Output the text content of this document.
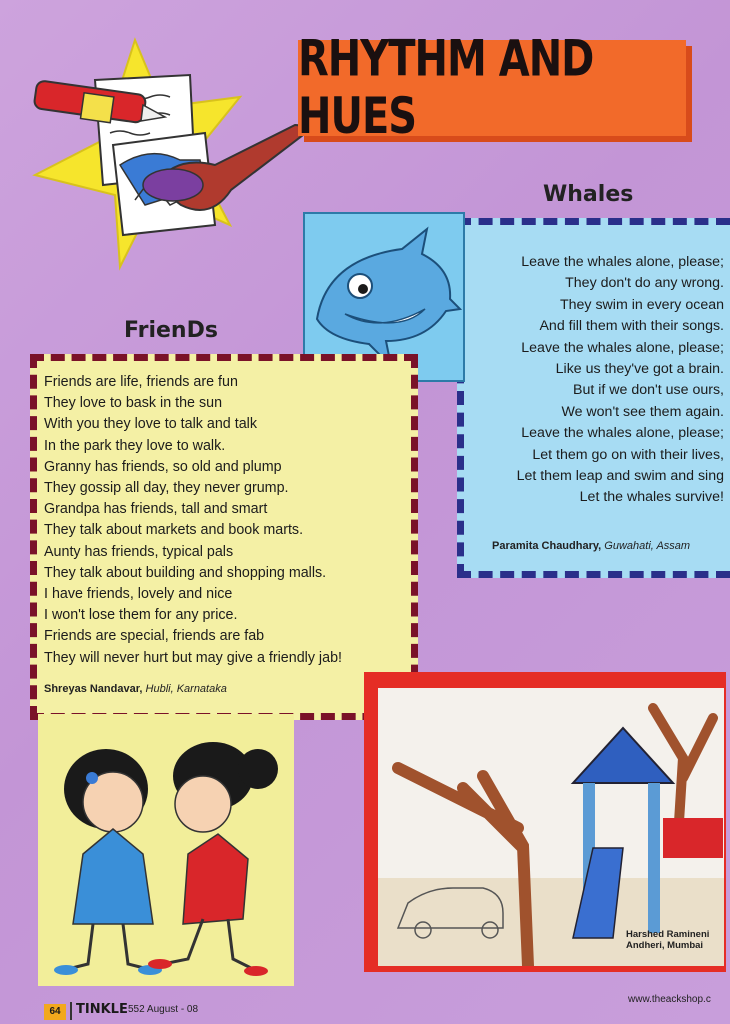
RHYTHM AND HUES
Whales
Leave the whales alone, please;
They don't do any wrong.
They swim in every ocean
And fill them with their songs.
Leave the whales alone, please;
Like us they've got a brain.
But if we don't use ours,
We won't see them again.
Leave the whales alone, please;
Let them go on with their lives,
Let them leap and swim and sing
Let the whales survive!
Paramita Chaudhary, Guwahati, Assam
FrienDs
Friends are life, friends are fun
They love to bask in the sun
With you they love to talk and talk
In the park they love to walk.
Granny has friends, so old and plump
They gossip all day, they never grump.
Grandpa has friends, tall and smart
They talk about markets and book marts.
Aunty has friends, typical pals
They talk about building and shopping malls.
I have friends, lovely and nice
I won't lose them for any price.
Friends are special, friends are fab
They will never hurt but may give a friendly jab!
Shreyas Nandavar, Hubli, Karnataka
Harshed Ramineni
Andheri, Mumbai
64	TINKLE 552 August - 08
www.theackshop.c
